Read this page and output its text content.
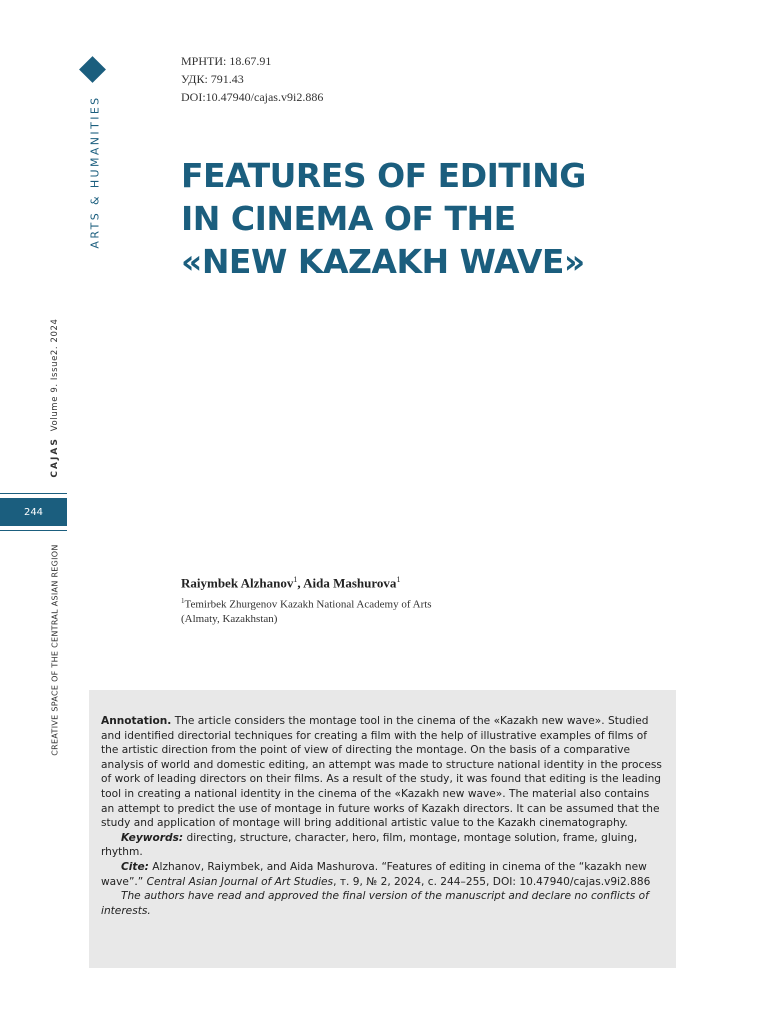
ARTS & HUMANITIES
CAJASVolume 9. Issue2. 2024
CREATIVE SPACE OF THE CENTRAL ASIAN REGION
244
МРНТИ: 18.67.91
УДК: 791.43
DOI:10.47940/cajas.v9i2.886
FEATURES OF EDITING
IN CINEMA OF THE
«NEW KAZAKH WAVE»
Raiymbek Alzhanov$^1$, Aida Mashurova$^1$
$^1$Temirbek Zhurgenov Kazakh National Academy of Arts
(Almaty, Kazakhstan)

Annotation. The article considers the montage tool in the cinema of the «Kazakh new wave». Studied and identified directorial techniques for creating a film with the help of illustrative examples of films of the artistic direction from the point of view of directing the montage. On the basis of a comparative analysis of world and domestic editing, an attempt was made to structure national identity in the process of work of leading directors on their films. As a result of the study, it was found that editing is the leading tool in creating a national identity in the cinema of the «Kazakh new wave». The material also contains an attempt to predict the use of montage in future works of Kazakh directors. It can be assumed that the study and application of montage will bring additional artistic value to the Kazakh cinematography.

Keywords: directing, structure, character, hero, film, montage, montage solution, frame, gluing, rhythm.

Cite: Alzhanov, Raiymbek, and Aida Mashurova. “Features of editing in cinema of the “kazakh new wave”.” Central Asian Journal of Art Studies, т. 9, № 2, 2024, с. 244–255, DOI: 10.47940/cajas.v9i2.886

The authors have read and approved the final version of the manuscript and declare no conflicts of interests.
